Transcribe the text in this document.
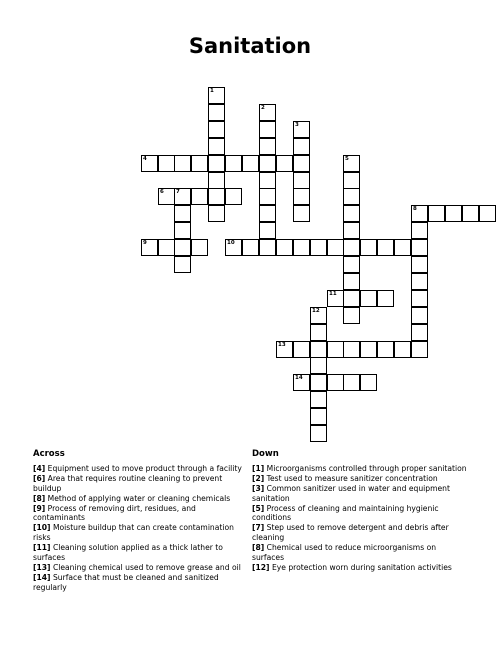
Sanitation
1
2
3
4	5
6 7
8
9	10
11
12
13
14
Across
[4] Equipment used to move product through a facility
[6] Area that requires routine cleaning to prevent buildup
[8] Method of applying water or cleaning chemicals
[9] Process of removing dirt, residues, and contaminants
[10] Moisture buildup that can create contamination risks
[11] Cleaning solution applied as a thick lather to surfaces
[13] Cleaning chemical used to remove grease and oil
[14] Surface that must be cleaned and sanitized regularly
Down
[1] Microorganisms controlled through proper sanitation
[2] Test used to measure sanitizer concentration
[3] Common sanitizer used in water and equipment sanitation
[5] Process of cleaning and maintaining hygienic conditions
[7] Step used to remove detergent and debris after cleaning
[8] Chemical used to reduce microorganisms on surfaces
[12] Eye protection worn during sanitation activities
